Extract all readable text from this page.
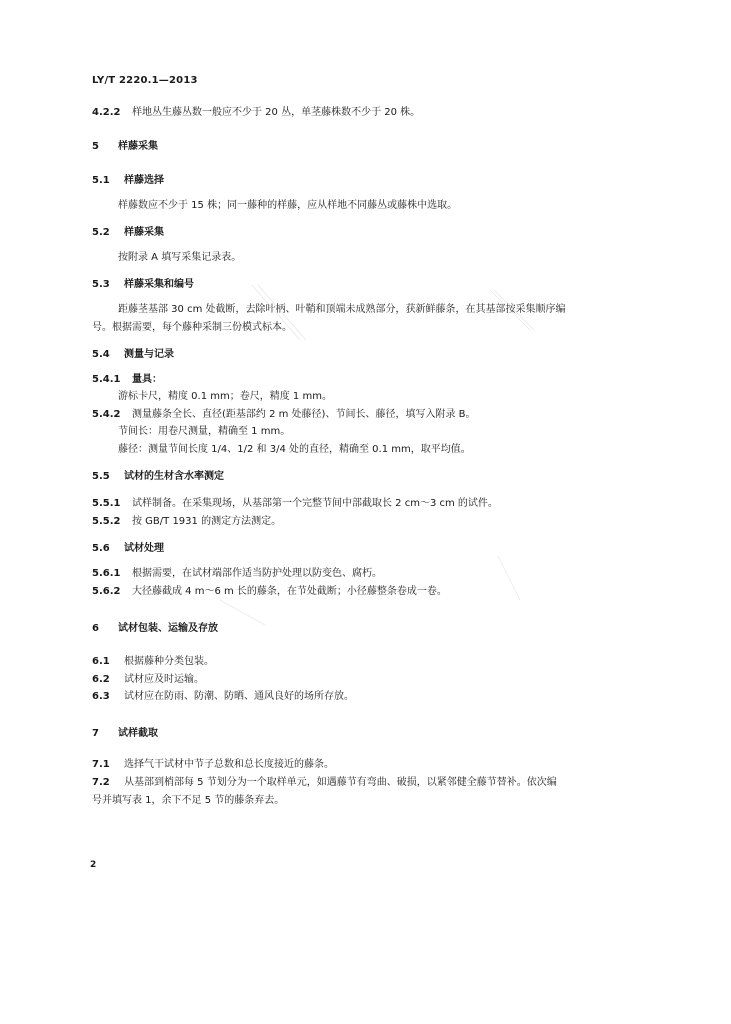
LY/T 2220.1—2013
4.2.2 样地丛生藤丛数一般应不少于 20 丛，单茎藤株数不少于 20 株。
5 样藤采集
5.1 样藤选择
样藤数应不少于 15 株；同一藤种的样藤，应从样地不同藤丛或藤株中选取。
5.2 样藤采集
按附录 A 填写采集记录表。
5.3 样藤采集和编号
距藤茎基部 30 cm 处截断，去除叶柄、叶鞘和顶端未成熟部分，获新鲜藤条，在其基部按采集顺序编
号。根据需要，每个藤种采制三份模式标本。
5.4 测量与记录
5.4.1 量具：
游标卡尺，精度 0.1 mm；卷尺，精度 1 mm。
5.4.2 测量藤条全长、直径(距基部约 2 m 处藤径)、节间长、藤径，填写入附录 B。
节间长：用卷尺测量，精确至 1 mm。
藤径：测量节间长度 1/4、1/2 和 3/4 处的直径，精确至 0.1 mm，取平均值。
5.5 试材的生材含水率测定
5.5.1 试样制备。在采集现场，从基部第一个完整节间中部截取长 2 cm～3 cm 的试件。
5.5.2 按 GB/T 1931 的测定方法测定。
5.6 试材处理
5.6.1 根据需要，在试材端部作适当防护处理以防变色、腐朽。
5.6.2 大径藤截成 4 m～6 m 长的藤条，在节处截断；小径藤整条卷成一卷。
6 试材包装、运输及存放
6.1 根据藤种分类包装。
6.2 试材应及时运输。
6.3 试材应在防雨、防潮、防晒、通风良好的场所存放。
7 试样截取
7.1 选择气干试材中节子总数和总长度接近的藤条。
7.2 从基部到梢部每 5 节划分为一个取样单元，如遇藤节有弯曲、破损，以紧邻健全藤节替补。依次编
号并填写表 1，余下不足 5 节的藤条弃去。
2
